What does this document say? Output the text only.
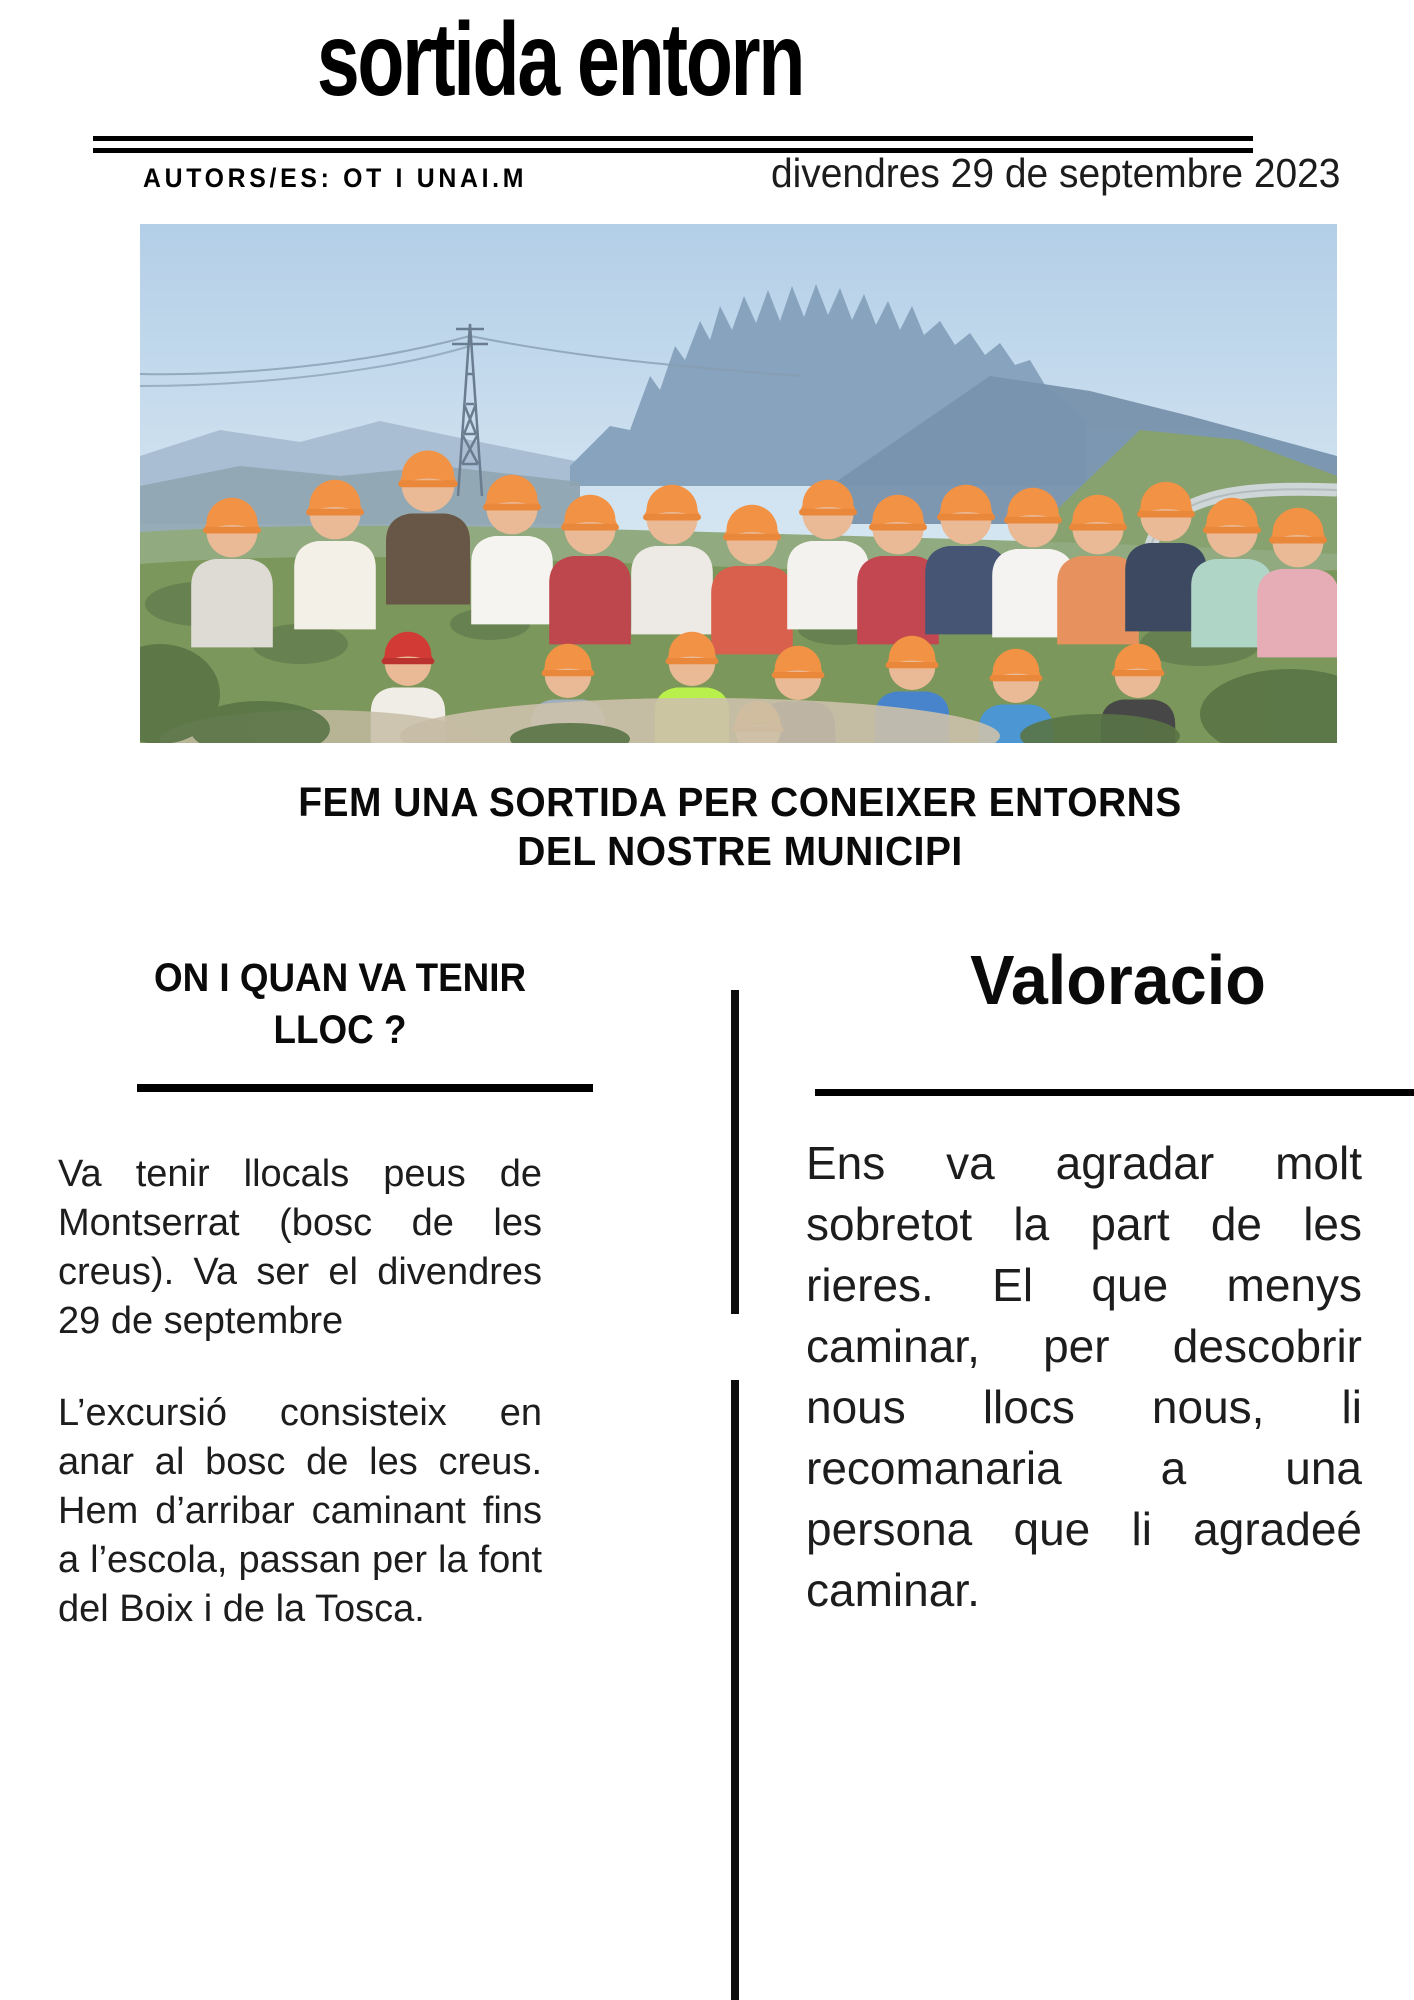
sortida entorn
AUTORS/ES: OT I UNAI.M	divendres 29 de septembre 2023
FEM UNA SORTIDA PER CONEIXER ENTORNS
DEL NOSTRE MUNICIPI
ON I QUAN VA TENIR LLOC ?

Va tenir llocals peus de Montserrat (bosc de les creus). Va ser el divendres 29 de septembre

L’excursió consisteix en anar al bosc de les creus. Hem d’arribar caminant fins a l’escola, passan per la font del Boix i de la Tosca.

Valoracio

Ens va agradar molt sobretot la part de les rieres. El que menys caminar, per descobrir nous llocs nous, li recomanaria a una persona que li agradeé caminar.
